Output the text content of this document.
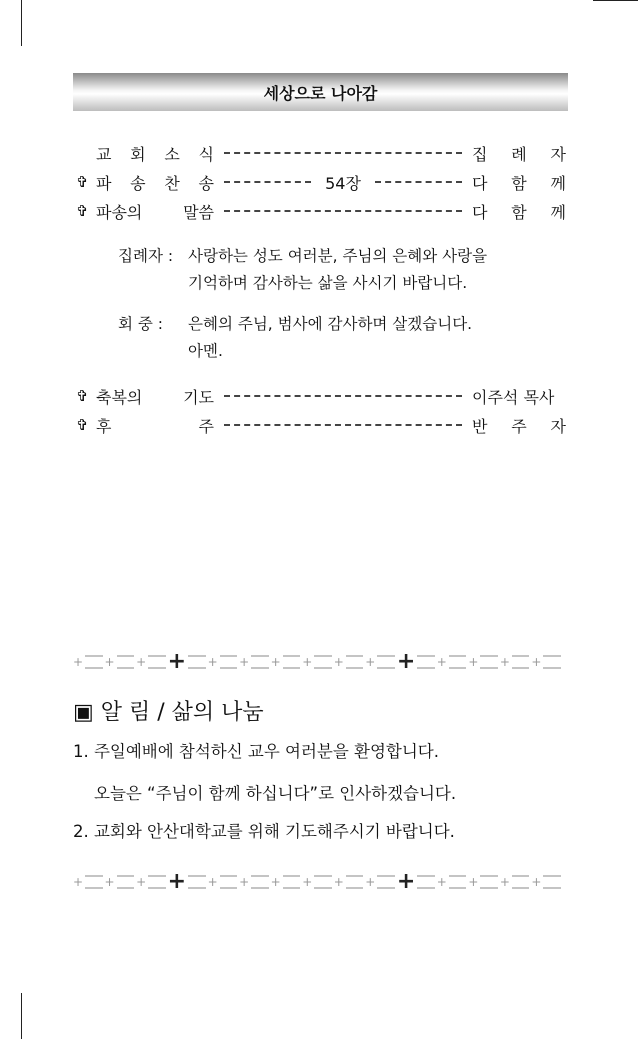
세상으로 나아감
교 회 소 식	집 례 자
✞ 파 송 찬 송	54장	다 함 께
✞ 파송의	말씀	다 함 께
✞ 축복의	기도	이주석 목사
✞ 후	주	반 주 자
집례자 : 사랑하는 성도 여러분, 주님의 은혜와 사랑을
기억하며 감사하는 삶을 사시기 바랍니다.
회 중 :	은혜의 주님, 범사에 감사하며 살겠습니다.
아멘.
+ + + + + + + + + + + + + + +
▣ 알 림 / 삶의 나눔
1. 주일예배에 참석하신 교우 여러분을 환영합니다.
오늘은 “주님이 함께 하십니다”로 인사하겠습니다.
2. 교회와 안산대학교를 위해 기도해주시기 바랍니다.
+ + + + + + + + + + + + + + +
